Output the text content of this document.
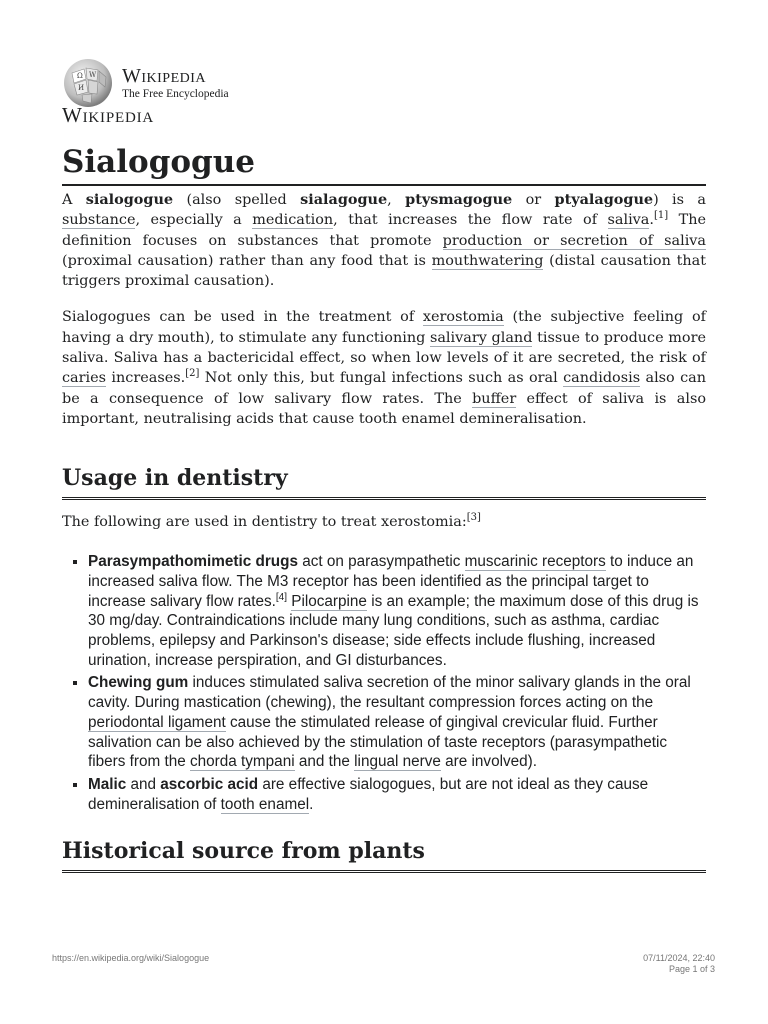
Ω W
И
Wikipedia
The Free Encyclopedia
Wikipedia
Sialogogue

A sialogogue (also spelled sialagogue, ptysmagogue or ptyalagogue) is a substance, especially a medication, that increases the flow rate of saliva.[1] The definition focuses on substances that promote production or secretion of saliva (proximal causation) rather than any food that is mouthwatering (distal causation that triggers proximal causation).

Sialogogues can be used in the treatment of xerostomia (the subjective feeling of having a dry mouth), to stimulate any functioning salivary gland tissue to produce more saliva. Saliva has a bactericidal effect, so when low levels of it are secreted, the risk of caries increases.[2] Not only this, but fungal infections such as oral candidosis also can be a consequence of low salivary flow rates. The buffer effect of saliva is also important, neutralising acids that cause tooth enamel demineralisation.

Usage in dentistry
The following are used in dentistry to treat xerostomia:[3]
▪ Parasympathomimetic drugs act on parasympathetic muscarinic receptors to induce an increased saliva flow. The M3 receptor has been identified as the principal target to increase salivary flow rates.[4] Pilocarpine is an example; the maximum dose of this drug is 30 mg/day. Contraindications include many lung conditions, such as asthma, cardiac problems, epilepsy and Parkinson's disease; side effects include flushing, increased urination, increase perspiration, and GI disturbances.
▪ Chewing gum induces stimulated saliva secretion of the minor salivary glands in the oral cavity. During mastication (chewing), the resultant compression forces acting on the periodontal ligament cause the stimulated release of gingival crevicular fluid. Further salivation can be also achieved by the stimulation of taste receptors (parasympathetic fibers from the chorda tympani and the lingual nerve are involved).
▪ Malic and ascorbic acid are effective sialogogues, but are not ideal as they cause demineralisation of tooth enamel.
Historical source from plants
https://en.wikipedia.org/wiki/Sialogogue	07/11/2024, 22:40
Page 1 of 3
